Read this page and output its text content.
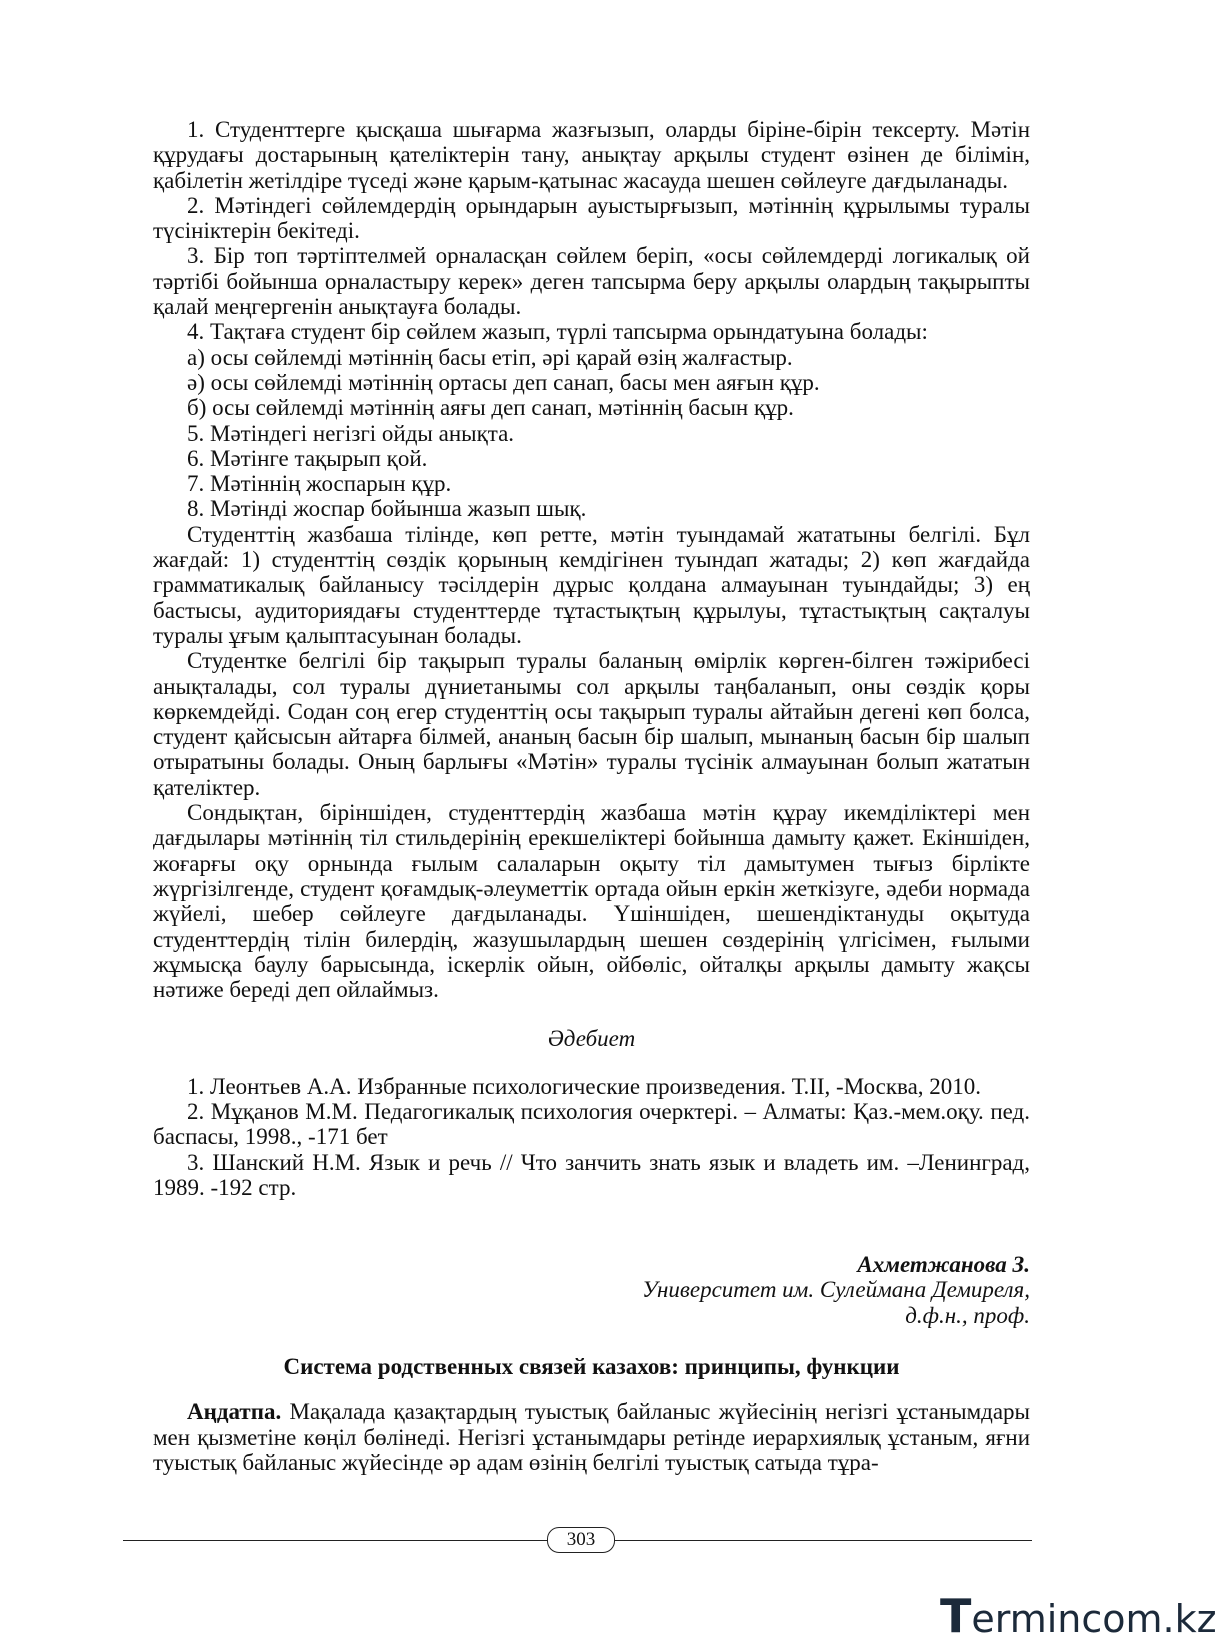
1. Студенттерге қысқаша шығарма жазғызып, оларды біріне-бірін тексерту. Мәтін құрудағы достарының қателіктерін тану, анықтау арқылы студент өзінен де білімін, қабілетін жетілдіре түседі және қарым-қатынас жасауда шешен сөйлеуге дағдыланады.

2. Мәтіндегі сөйлемдердің орындарын ауыстырғызып, мәтіннің құрылымы туралы түсініктерін бекітеді.

3. Бір топ тәртіптелмей орналасқан сөйлем беріп, «осы сөйлемдерді логикалық ой тәртібі бойынша орналастыру керек» деген тапсырма беру арқылы олардың тақырыпты қалай меңгергенін анықтауға болады.

4. Тақтаға студент бір сөйлем жазып, түрлі тапсырма орындатуына болады:

а) осы сөйлемді мәтіннің басы етіп, әрі қарай өзің жалғастыр.

ә) осы сөйлемді мәтіннің ортасы деп санап, басы мен аяғын құр.

б) осы сөйлемді мәтіннің аяғы деп санап, мәтіннің басын құр.

5. Мәтіндегі негізгі ойды анықта.

6. Мәтінге тақырып қой.

7. Мәтіннің жоспарын құр.

8. Мәтінді жоспар бойынша жазып шық.

Студенттің жазбаша тілінде, көп ретте, мәтін туындамай жататыны белгілі. Бұл жағдай: 1) студенттің сөздік қорының кемдігінен туындап жатады; 2) көп жағдайда грамматикалық байланысу тәсілдерін дұрыс қолдана алмауынан туындайды; 3) ең бастысы, аудиториядағы студенттерде тұтастықтың құрылуы, тұтастықтың сақталуы туралы ұғым қалыптасуынан болады.

Студентке белгілі бір тақырып туралы баланың өмірлік көрген-білген тәжірибесі анықталады, сол туралы дүниетанымы сол арқылы таңбаланып, оны сөздік қоры көркемдейді. Содан соң егер студенттің осы тақырып туралы айтайын дегені көп болса, студент қайсысын айтарға білмей, ананың басын бір шалып, мынаның басын бір шалып отыратыны болады. Оның барлығы «Мәтін» туралы түсінік алмауынан болып жататын қателіктер.

Сондықтан, біріншіден, студенттердің жазбаша мәтін құрау икемділіктері мен дағдылары мәтіннің тіл стильдерінің ерекшеліктері бойынша дамыту қажет. Екіншіден, жоғарғы оқу орнында ғылым салаларын оқыту тіл дамытумен тығыз бірлікте жүргізілгенде, студент қоғамдық-әлеуметтік ортада ойын еркін жеткізуге, әдеби нормада жүйелі, шебер сөйлеуге дағдыланады. Үшіншіден, шешендіктануды оқытуда студенттердің тілін билердің, жазушылардың шешен сөздерінің үлгісімен, ғылыми жұмысқа баулу барысында, іскерлік ойын, ойбөліс, ойталқы арқылы дамыту жақсы нәтиже береді деп ойлаймыз.

Әдебиет

1. Леонтьев А.А. Избранные психологические произведения. Т.II, -Москва, 2010.

2. Мұқанов М.М. Педагогикалық психология очерктері. – Алматы: Қаз.-мем.оқу. пед. баспасы, 1998., -171 бет

3. Шанский Н.М. Язык и речь // Что занчить знать язык и владеть им. –Ленинград, 1989. -192 стр.

Ахметжанова З.
Университет им. Сулеймана Демиреля,
д.ф.н., проф.
Система родственных связей казахов: принципы, функции

Аңдатпа. Мақалада қазақтардың туыстық байланыс жүйесінің негізгі ұстанымдары мен қызметіне көңіл бөлінеді. Негізгі ұстанымдары ретінде иерархиялық ұстаным, яғни туыстық байланыс жүйесінде әр адам өзінің белгілі туыстық сатыда тұра-

303
Termincom.kz
